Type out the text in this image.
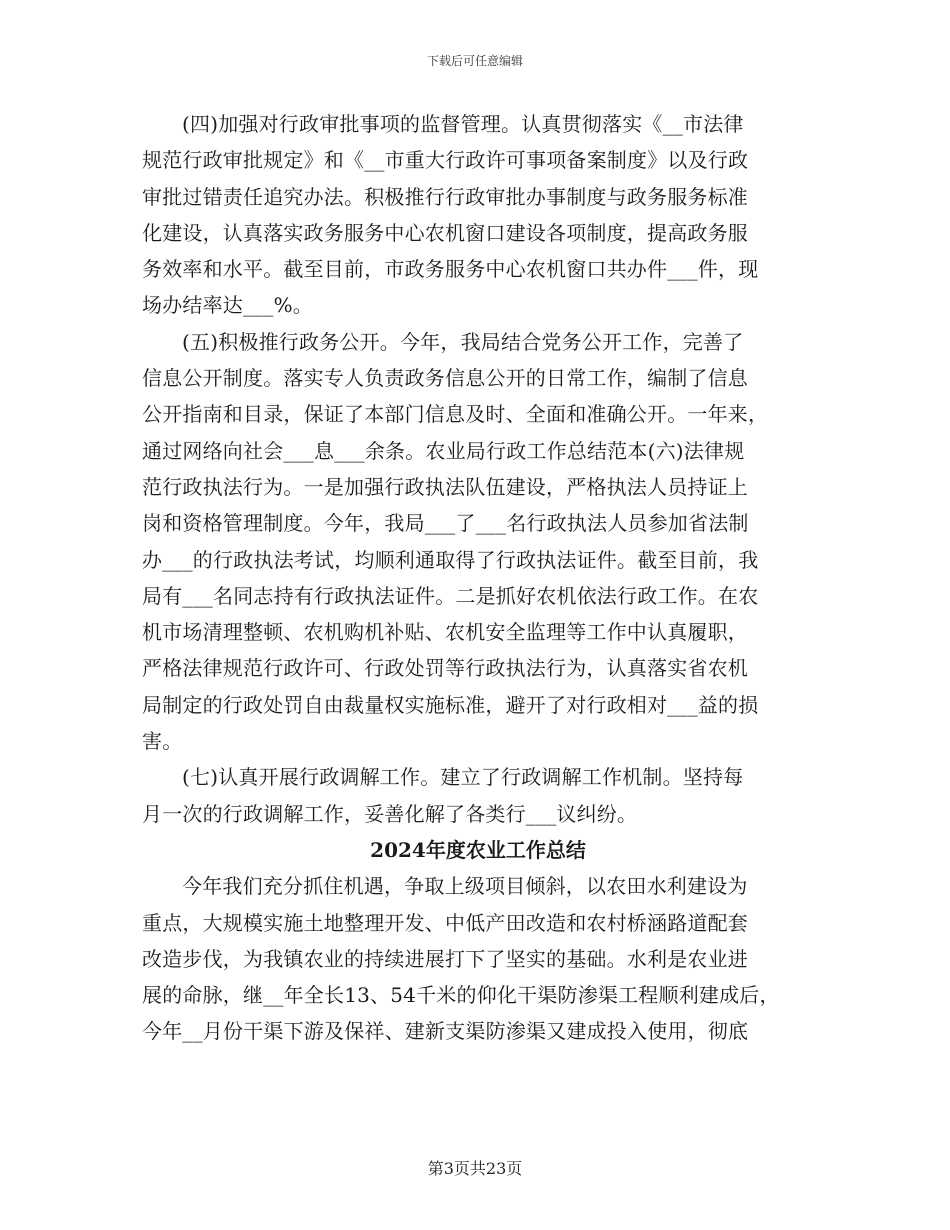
下载后可任意编辑
(四)加强对行政审批事项的监督管理。认真贯彻落实《__市法律
规范行政审批规定》和《__市重大行政许可事项备案制度》以及行政
审批过错责任追究办法。积极推行行政审批办事制度与政务服务标准
化建设，认真落实政务服务中心农机窗口建设各项制度，提高政务服
务效率和水平。截至目前，市政务服务中心农机窗口共办件___件，现
场办结率达___%。
(五)积极推行政务公开。今年，我局结合党务公开工作，完善了
信息公开制度。落实专人负责政务信息公开的日常工作，编制了信息
公开指南和目录，保证了本部门信息及时、全面和准确公开。一年来，
通过网络向社会___息___余条。农业局行政工作总结范本(六)法律规
范行政执法行为。一是加强行政执法队伍建设，严格执法人员持证上
岗和资格管理制度。今年，我局___了___名行政执法人员参加省法制
办___的行政执法考试，均顺利通取得了行政执法证件。截至目前，我
局有___名同志持有行政执法证件。二是抓好农机依法行政工作。在农
机市场清理整顿、农机购机补贴、农机安全监理等工作中认真履职，
严格法律规范行政许可、行政处罚等行政执法行为，认真落实省农机
局制定的行政处罚自由裁量权实施标准，避开了对行政相对___益的损
害。
(七)认真开展行政调解工作。建立了行政调解工作机制。坚持每
月一次的行政调解工作，妥善化解了各类行___议纠纷。
2024年度农业工作总结
今年我们充分抓住机遇，争取上级项目倾斜，以农田水利建设为
重点，大规模实施土地整理开发、中低产田改造和农村桥涵路道配套
改造步伐，为我镇农业的持续进展打下了坚实的基础。水利是农业进
展的命脉，继__年全长13、54千米的仰化干渠防渗渠工程顺利建成后，
今年__月份干渠下游及保祥、建新支渠防渗渠又建成投入使用，彻底
第3页共23页
